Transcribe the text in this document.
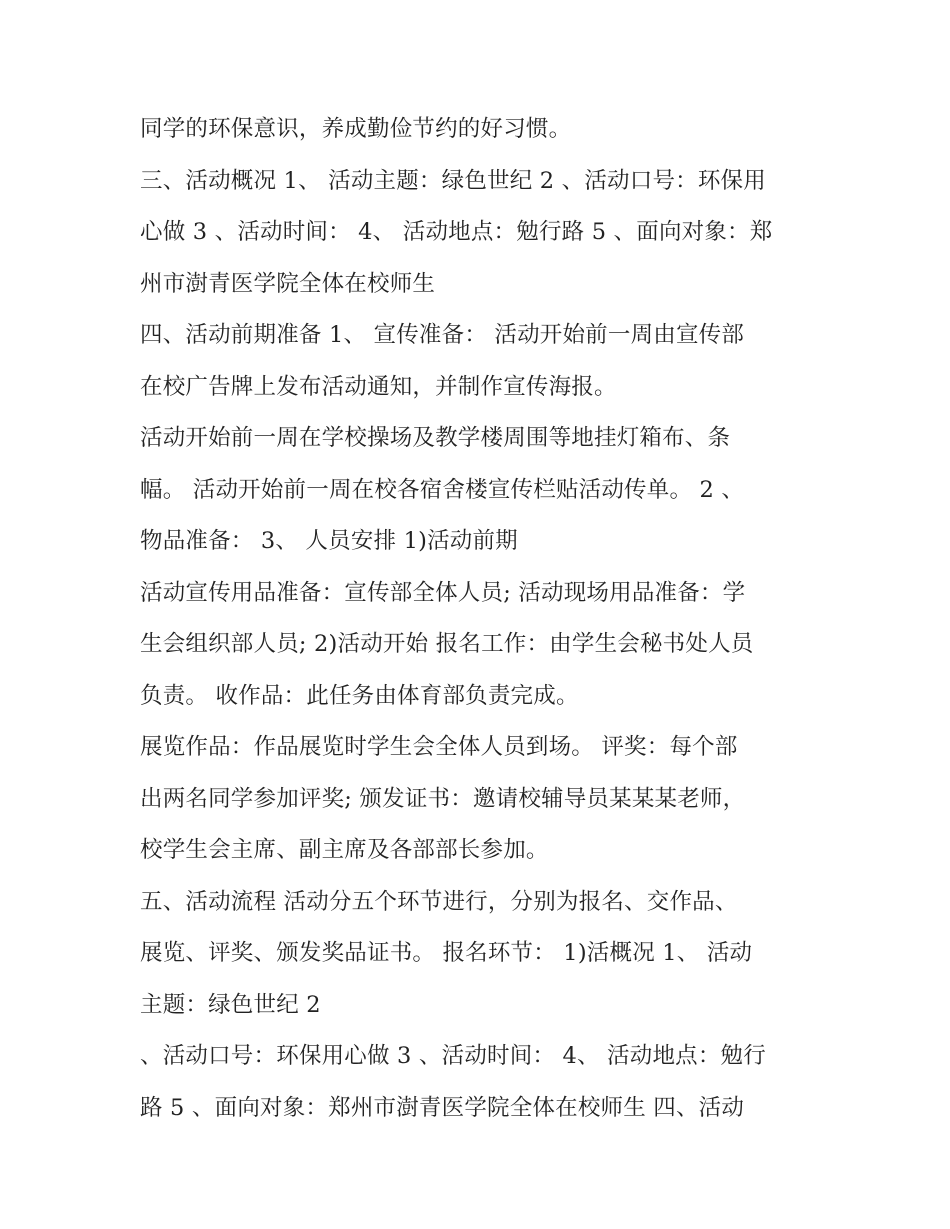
同学的环保意识，养成勤俭节约的好习惯。
三、活动概况 1、 活动主题：绿色世纪 2 、活动口号：环保用
心做 3 、活动时间： 4、 活动地点：勉行路 5 、面向对象：郑
州市澍青医学院全体在校师生
四、活动前期准备 1、 宣传准备： 活动开始前一周由宣传部
在校广告牌上发布活动通知，并制作宣传海报。
活动开始前一周在学校操场及教学楼周围等地挂灯箱布、条
幅。 活动开始前一周在校各宿舍楼宣传栏贴活动传单。 2 、
物品准备： 3、 人员安排 1)活动前期
活动宣传用品准备：宣传部全体人员; 活动现场用品准备：学
生会组织部人员; 2)活动开始 报名工作：由学生会秘书处人员
负责。 收作品：此任务由体育部负责完成。
展览作品：作品展览时学生会全体人员到场。 评奖：每个部
出两名同学参加评奖; 颁发证书：邀请校辅导员某某某老师，
校学生会主席、副主席及各部部长参加。
五、活动流程 活动分五个环节进行，分别为报名、交作品、
展览、评奖、颁发奖品证书。 报名环节： 1)活概况 1、 活动
主题：绿色世纪 2
、活动口号：环保用心做 3 、活动时间： 4、 活动地点：勉行
路 5 、面向对象：郑州市澍青医学院全体在校师生 四、活动
